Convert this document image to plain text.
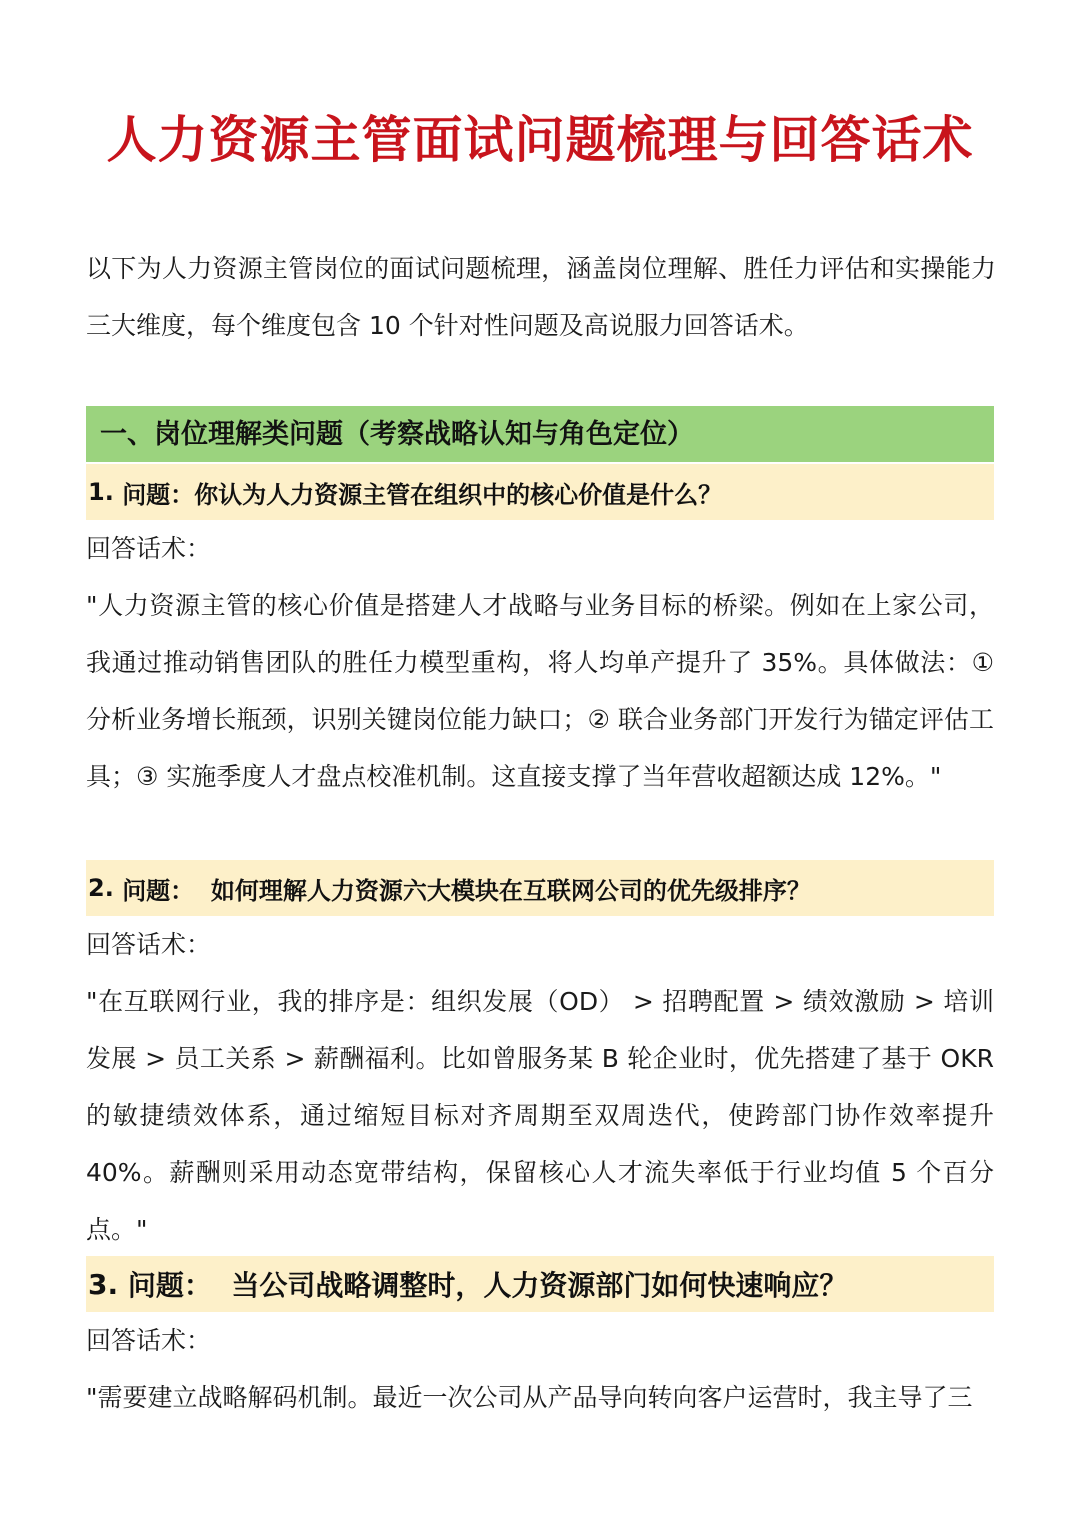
人力资源主管面试问题梳理与回答话术

以下为人力资源主管岗位的面试问题梳理，涵盖岗位理解、胜任力评估和实操能力三大维度，每个维度包含 10 个针对性问题及高说服力回答话术。

一、岗位理解类问题（考察战略认知与角色定位）
1.
问题：你认为人力资源主管在组织中的核心价值是什么？

回答话术：

"人力资源主管的核心价值是搭建人才战略与业务目标的桥梁。例如在上家公司，我通过推动销售团队的胜任力模型重构，将人均单产提升了 35%。具体做法：① 分析业务增长瓶颈，识别关键岗位能力缺口；② 联合业务部门开发行为锚定评估工具；③ 实施季度人才盘点校准机制。这直接支撑了当年营收超额达成 12%。"

2.
问题：  如何理解人力资源六大模块在互联网公司的优先级排序？

回答话术：

"在互联网行业，我的排序是：组织发展（OD） > 招聘配置 > 绩效激励 > 培训发展 > 员工关系 > 薪酬福利。比如曾服务某 B 轮企业时，优先搭建了基于 OKR 的敏捷绩效体系，通过缩短目标对齐周期至双周迭代，使跨部门协作效率提升 40%。薪酬则采用动态宽带结构，保留核心人才流失率低于行业均值 5 个百分点。"

3.
问题：  当公司战略调整时，人力资源部门如何快速响应？

回答话术：

"需要建立战略解码机制。最近一次公司从产品导向转向客户运营时，我主导了三
